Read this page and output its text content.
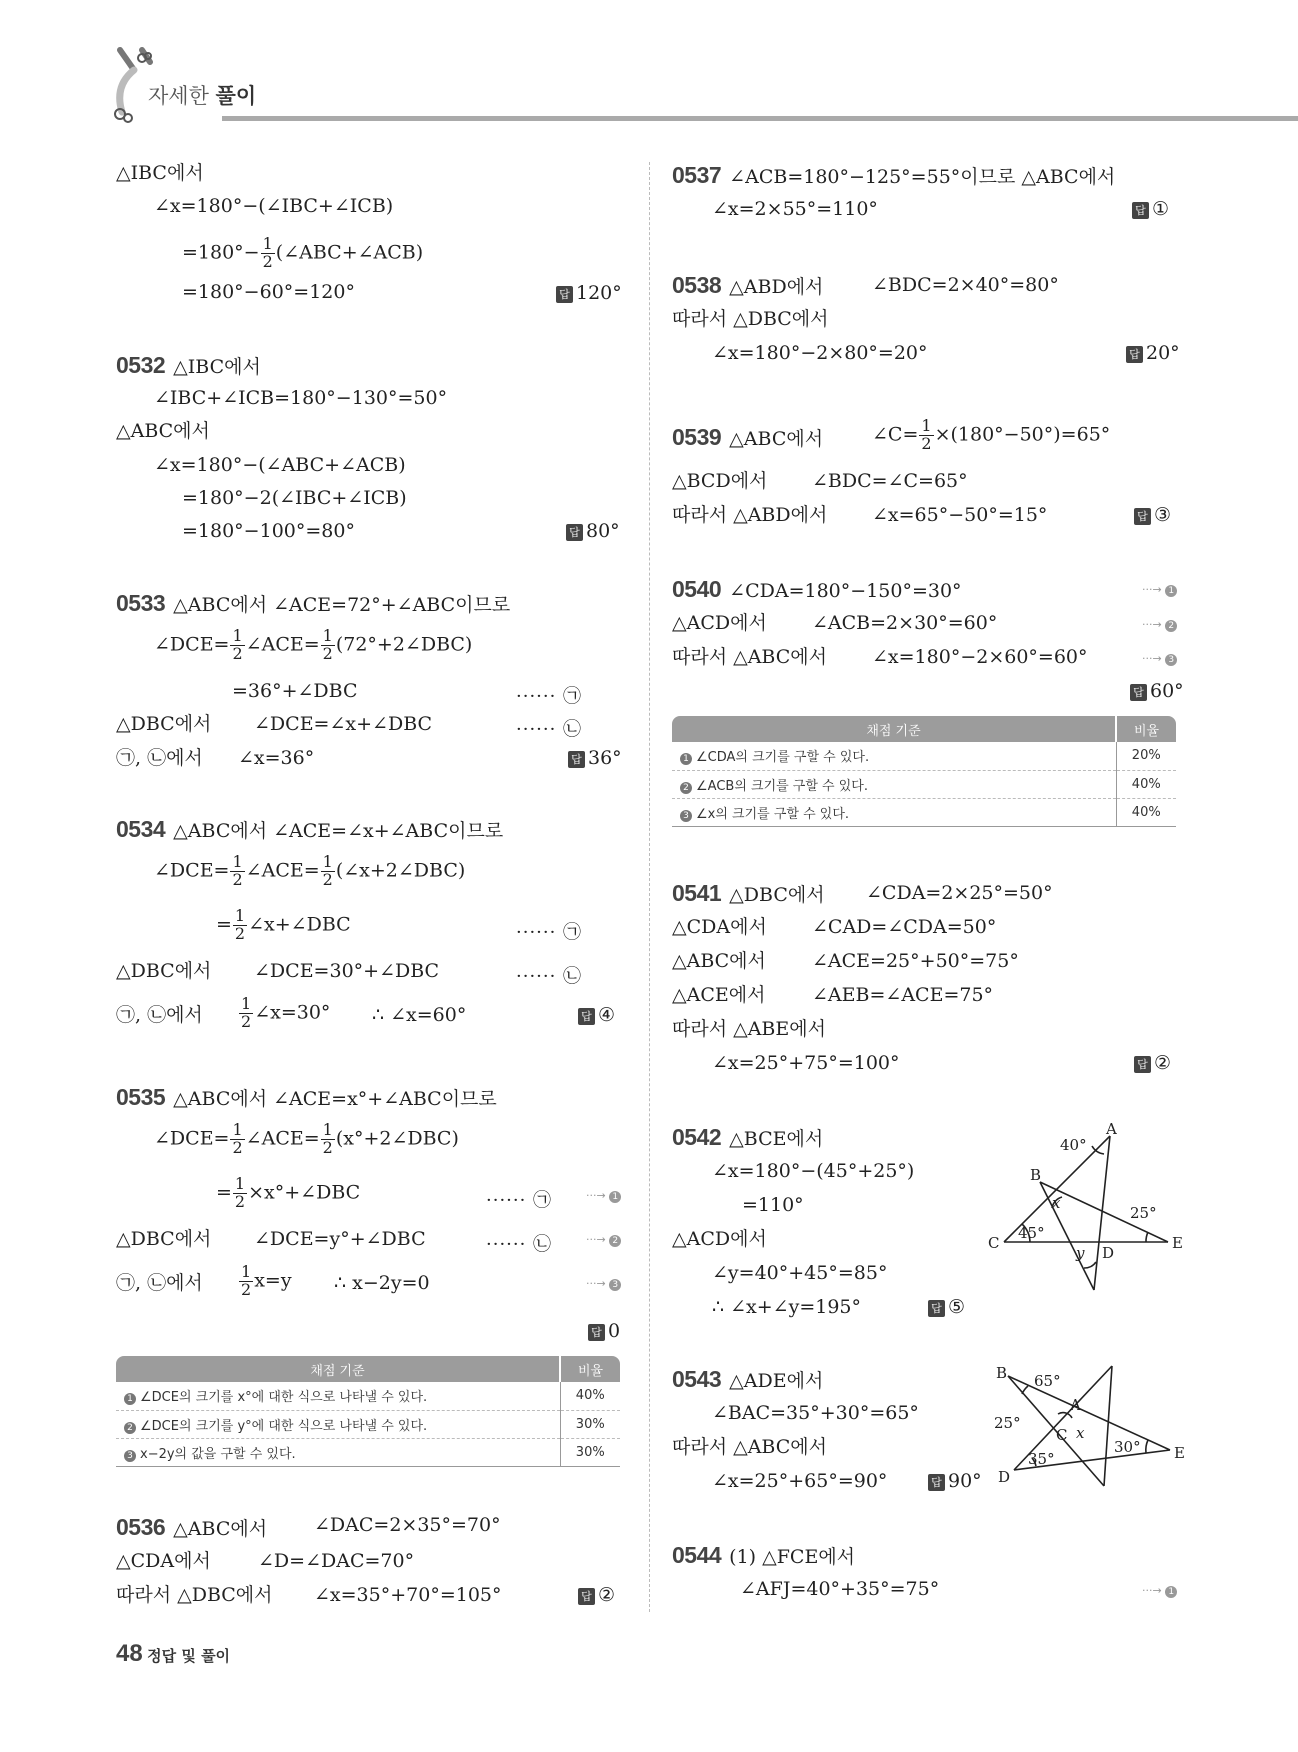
자세한 풀이
△IBC에서
∠x=180°−(∠IBC+∠ICB)
$=180^\circ- \frac{1}{2}$ (∠ABC+∠ACB)
=180°−60°=120°	답 120°
0532 △IBC에서
∠IBC+∠ICB=180°−130°=50°
△ABC에서
∠x=180°−(∠ABC+∠ACB)
=180°−2(∠IBC+∠ICB)
=180°−100°=80°	답 80°
0533 △ABC에서 ∠ACE=72°+∠ABC이므로
∠DCE= $\frac{1}{2}$ ∠ACE= $\frac{1}{2}$ (72°+2∠DBC)
=36°+∠DBC	······ ㉠
△DBC에서 ∠DCE=∠x+∠DBC	······ ㉡
㉠, ㉡에서 ∠x=36°	답 36°
0534 △ABC에서 ∠ACE=∠x+∠ABC이므로
∠DCE= $\frac{1}{2}$ ∠ACE= $\frac{1}{2}$ (∠x+2∠DBC)
= $\frac{1}{2}$ ∠x+∠DBC	······ ㉠
△DBC에서 ∠DCE=30°+∠DBC	······ ㉡
㉠, ㉡에서 $\frac{1}{2}$ ∠x=30° ∴ ∠x=60°	답 ④
0535 △ABC에서 ∠ACE=x°+∠ABC이므로
∠DCE= $\frac{1}{2}$ ∠ACE= $\frac{1}{2}$ (x°+2∠DBC)
= $\frac{1}{2}$ ×x°+∠DBC	······ ㉠	···→ 1
△DBC에서 ∠DCE=y°+∠DBC	······ ㉡	···→ 2
㉠, ㉡에서 $\frac{1}{2} x=y$ ∴ x−2y=0	···→ 3
답 0
채점 기준	비율
1 ∠DCE의 크기를 x°에 대한 식으로 나타낼 수 있다.	40%
2 ∠DCE의 크기를 y°에 대한 식으로 나타낼 수 있다.	30%
3 x−2y의 값을 구할 수 있다.	30%
0536 △ABC에서 ∠DAC=2×35°=70°
△CDA에서 ∠D=∠DAC=70°
따라서 △DBC에서 ∠x=35°+70°=105°	답 ②
0537 ∠ACB=180°−125°=55°이므로 △ABC에서
∠x=2×55°=110°	답 ①
0538 △ABD에서	∠BDC=2×40°=80°
따라서 △DBC에서
∠x=180°−2×80°=20°	답 20°
0539 △ABC에서	∠C= $\frac{1}{2} \times(180^\circ-50^\circ)=65^\circ$
△BCD에서 ∠BDC=∠C=65°
따라서 △ABD에서 ∠x=65°−50°=15°	답 ③
0540 ∠CDA=180°−150°=30°	···→ 1
△ACD에서 ∠ACB=2×30°=60°	···→ 2
따라서 △ABC에서 ∠x=180°−2×60°=60°	···→ 3
답 60°
채점 기준	비율
1 ∠CDA의 크기를 구할 수 있다.	20%
2 ∠ACB의 크기를 구할 수 있다.	40%
3 ∠x의 크기를 구할 수 있다.	40%
0541 △DBC에서 ∠CDA=2×25°=50°
△CDA에서 ∠CAD=∠CDA=50°
△ABC에서 ∠ACE=25°+50°=75°
△ACE에서 ∠AEB=∠ACE=75°
따라서 △ABE에서
∠x=25°+75°=100°	답 ②
0542 △BCE에서
∠x=180°−(45°+25°)
=110°
△ACD에서
∠y=40°+45°=85°
∴ ∠x+∠y=195°	답 ⑤
A
B
C
D
E
40°
25°
45°
x
y
0543 △ADE에서
∠BAC=35°+30°=65°
따라서 △ABC에서
∠x=25°+65°=90°	답 90°
B
A
C
D
E
65°
25°
35°
30°
x
0544 (1) △FCE에서
∠AFJ=40°+35°=75°	···→ 1
48 정답 및 풀이
